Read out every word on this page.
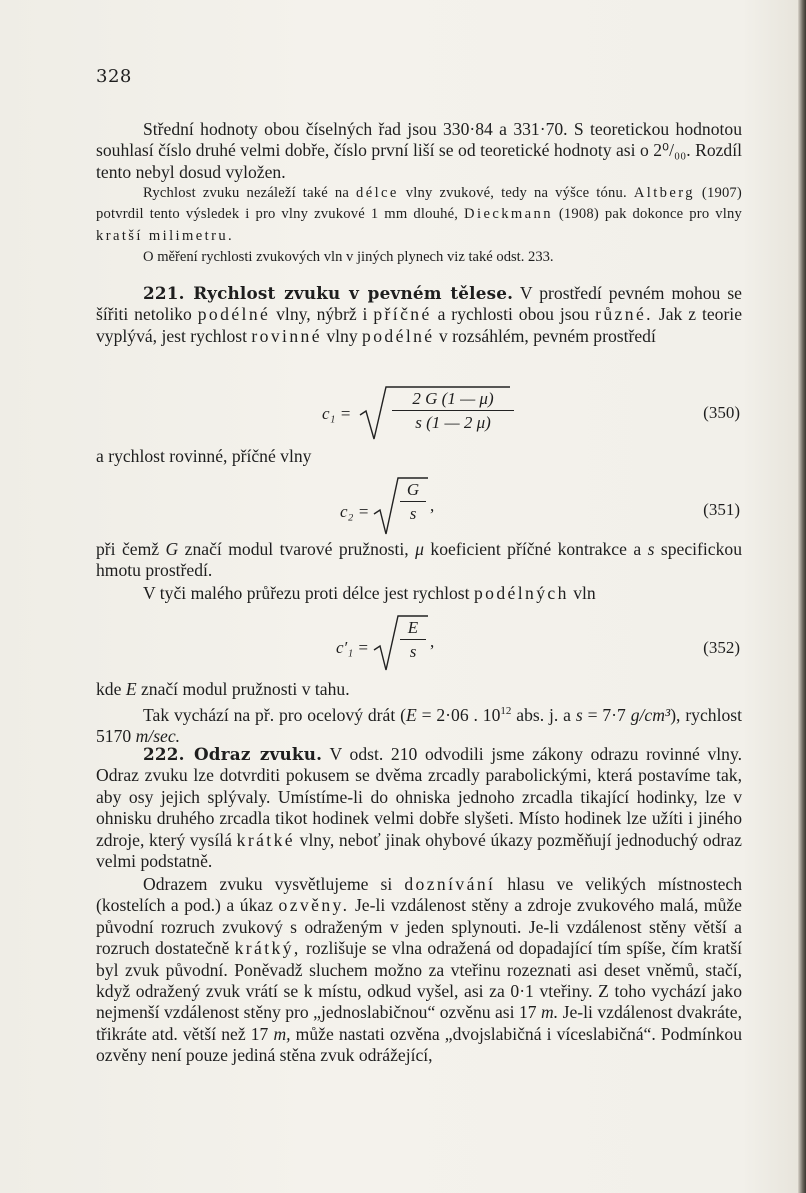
328

Střední hodnoty obou číselných řad jsou 330·84 a 331·70. S teoretickou hodnotou souhlasí číslo druhé velmi dobře, číslo první liší se od teoretické hodnoty asi o 2⁰/₀₀. Rozdíl tento nebyl dosud vyložen.

Rychlost zvuku nezáleží také na délce vlny zvukové, tedy na výšce tónu. Altberg (1907) potvrdil tento výsledek i pro vlny zvukové 1 mm dlouhé, Dieckmann (1908) pak dokonce pro vlny kratší milimetru.

O měření rychlosti zvukových vln v jiných plynech viz také odst. 233.

221. Rychlost zvuku v pevném tělese. V prostředí pevném mohou se šířiti netoliko podélné vlny, nýbrž i příčné a rychlosti obou jsou různé. Jak z teorie vyplývá, jest rychlost rovinné vlny podélné v rozsáhlém, pevném prostředí

$c_1 = \frac{2 G (1 — \mu)}{s (1 — 2 \mu)}$	(350)

a rychlost rovinné, příčné vlny

$c_2 = \frac{G}{s}$ ,	(351)

při čemž G značí modul tvarové pružnosti, μ koeficient příčné kontrakce a s specifickou hmotu prostředí.

V tyči malého průřezu proti délce jest rychlost podélných vln

$c'_1 = \frac{E}{s}$ ,	(352)

kde E značí modul pružnosti v tahu.

Tak vychází na př. pro ocelový drát (E = 2·06 . $10^{12}$ abs. j. a s = 7·7 g/cm³), rychlost 5170 m/sec.

222. Odraz zvuku. V odst. 210 odvodili jsme zákony odrazu rovinné vlny. Odraz zvuku lze dotvrditi pokusem se dvěma zrcadly parabolickými, která postavíme tak, aby osy jejich splývaly. Umístíme-li do ohniska jednoho zrcadla tikající hodinky, lze v ohnisku druhého zrcadla tikot hodinek velmi dobře slyšeti. Místo hodinek lze užíti i jiného zdroje, který vysílá krátké vlny, neboť jinak ohybové úkazy pozměňují jednoduchý odraz velmi podstatně.

Odrazem zvuku vysvětlujeme si doznívání hlasu ve velikých místnostech (kostelích a pod.) a úkaz ozvěny. Je-li vzdálenost stěny a zdroje zvukového malá, může původní rozruch zvukový s odraženým v jeden splynouti. Je-li vzdálenost stěny větší a rozruch dostatečně krátký, rozlišuje se vlna odražená od dopadající tím spíše, čím kratší byl zvuk původní. Poněvadž sluchem možno za vteřinu rozeznati asi deset vněmů, stačí, když odražený zvuk vrátí se k místu, odkud vyšel, asi za 0·1 vteřiny. Z toho vychází jako nejmenší vzdálenost stěny pro „jednoslabičnou“ ozvěnu asi 17 m. Je-li vzdálenost dvakráte, třikráte atd. větší než 17 m, může nastati ozvěna „dvojslabičná i víceslabičná“. Podmínkou ozvěny není pouze jediná stěna zvuk odrážející,
